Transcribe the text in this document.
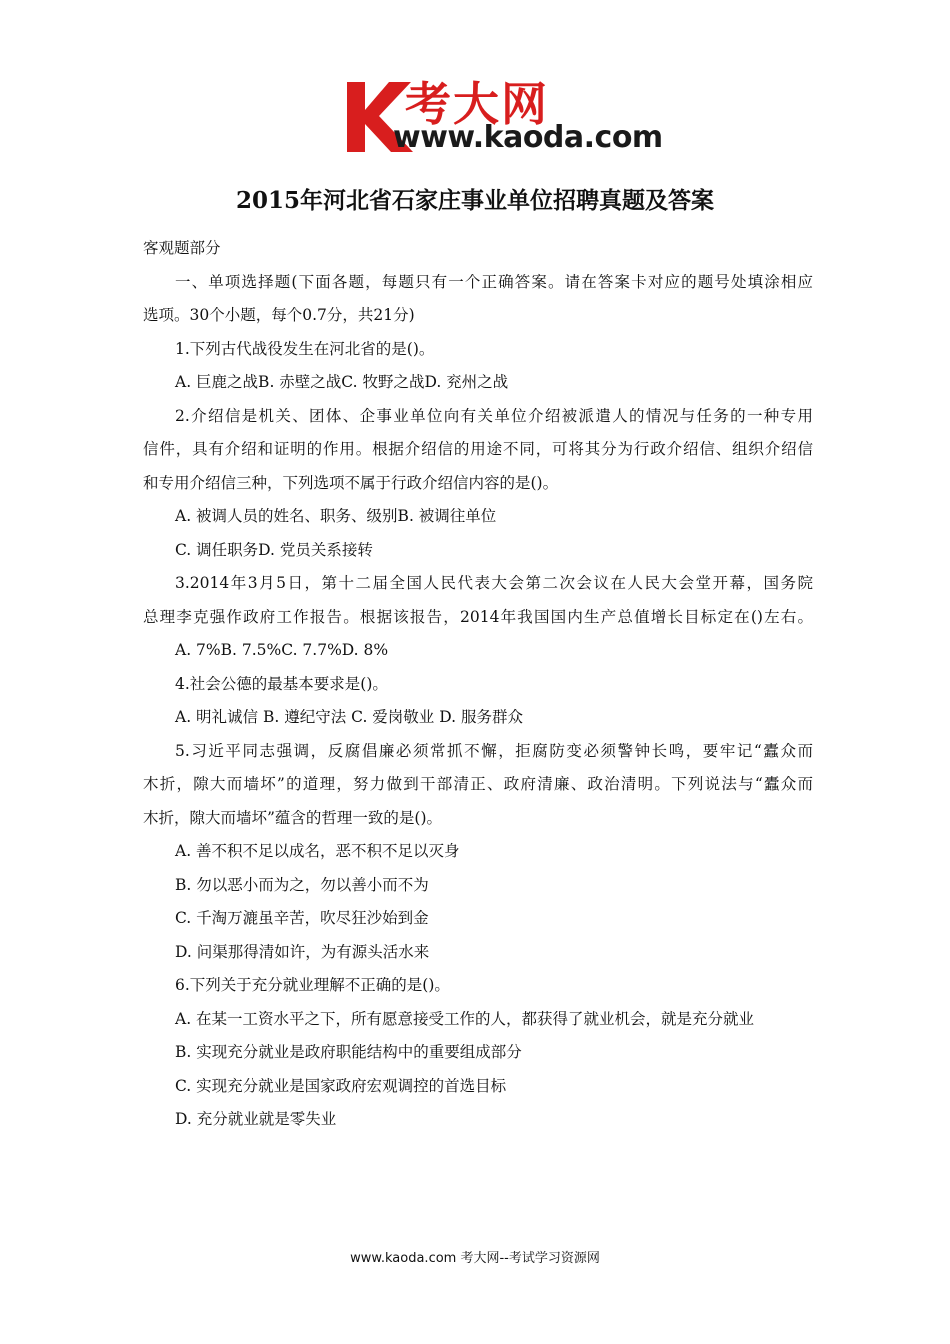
考大网
www.kaoda.com
2015年河北省石家庄事业单位招聘真题及答案
客观题部分
一、单项选择题(下面各题，每题只有一个正确答案。请在答案卡对应的题号处填涂相应
选项。30个小题，每个0.7分，共21分)
1.下列古代战役发生在河北省的是()。
A. 巨鹿之战B. 赤壁之战C. 牧野之战D. 兖州之战
2.介绍信是机关、团体、企事业单位向有关单位介绍被派遣人的情况与任务的一种专用
信件，具有介绍和证明的作用。根据介绍信的用途不同，可将其分为行政介绍信、组织介绍信
和专用介绍信三种，下列选项不属于行政介绍信内容的是()。
A. 被调人员的姓名、职务、级别B. 被调往单位
C. 调任职务D. 党员关系接转
3.2014年3月5日，第十二届全国人民代表大会第二次会议在人民大会堂开幕，国务院
总理李克强作政府工作报告。根据该报告，2014年我国国内生产总值增长目标定在()左右。
A. 7%B. 7.5%C. 7.7%D. 8%
4.社会公德的最基本要求是()。
A. 明礼诚信 B. 遵纪守法 C. 爱岗敬业 D. 服务群众
5.习近平同志强调，反腐倡廉必须常抓不懈，拒腐防变必须警钟长鸣，要牢记“蠹众而
木折，隙大而墙坏”的道理，努力做到干部清正、政府清廉、政治清明。下列说法与“蠹众而
木折，隙大而墙坏”蕴含的哲理一致的是()。
A. 善不积不足以成名，恶不积不足以灭身
B. 勿以恶小而为之，勿以善小而不为
C. 千淘万漉虽辛苦，吹尽狂沙始到金
D. 问渠那得清如许，为有源头活水来
6.下列关于充分就业理解不正确的是()。
A. 在某一工资水平之下，所有愿意接受工作的人，都获得了就业机会，就是充分就业
B. 实现充分就业是政府职能结构中的重要组成部分
C. 实现充分就业是国家政府宏观调控的首选目标
D. 充分就业就是零失业
www.kaoda.com 考大网--考试学习资源网
